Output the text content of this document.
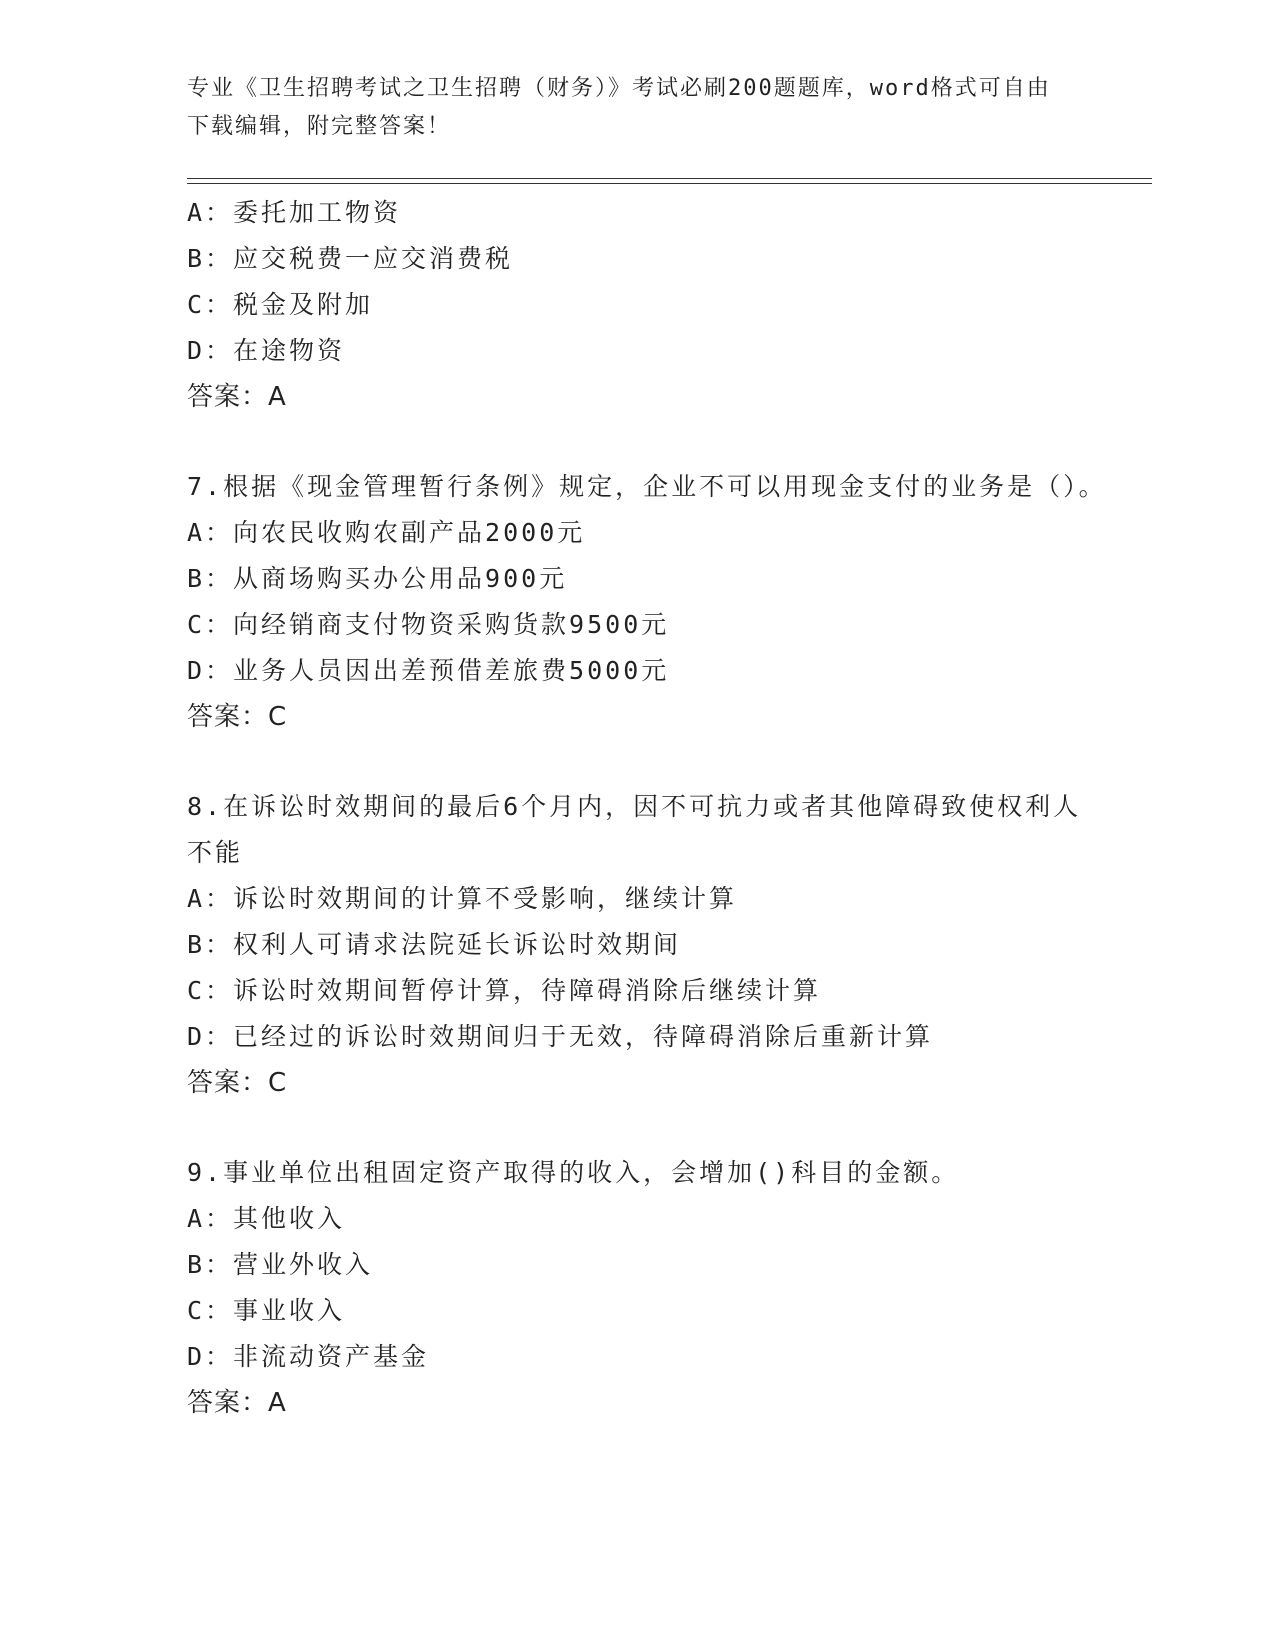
专业《卫生招聘考试之卫生招聘（财务）》考试必刷200题题库，word格式可自由下载编辑，附完整答案！
A：委托加工物资
B：应交税费一应交消费税
C：税金及附加
D：在途物资
答案：A
7.根据《现金管理暂行条例》规定，企业不可以用现金支付的业务是（）。
A：向农民收购农副产品2000元
B：从商场购买办公用品900元
C：向经销商支付物资采购货款9500元
D：业务人员因出差预借差旅费5000元
答案：C
8.在诉讼时效期间的最后6个月内，因不可抗力或者其他障碍致使权利人不能
A：诉讼时效期间的计算不受影响，继续计算
B：权利人可请求法院延长诉讼时效期间
C：诉讼时效期间暂停计算，待障碍消除后继续计算
D：已经过的诉讼时效期间归于无效，待障碍消除后重新计算
答案：C
9.事业单位出租固定资产取得的收入，会增加()科目的金额。
A：其他收入
B：营业外收入
C：事业收入
D：非流动资产基金
答案：A
